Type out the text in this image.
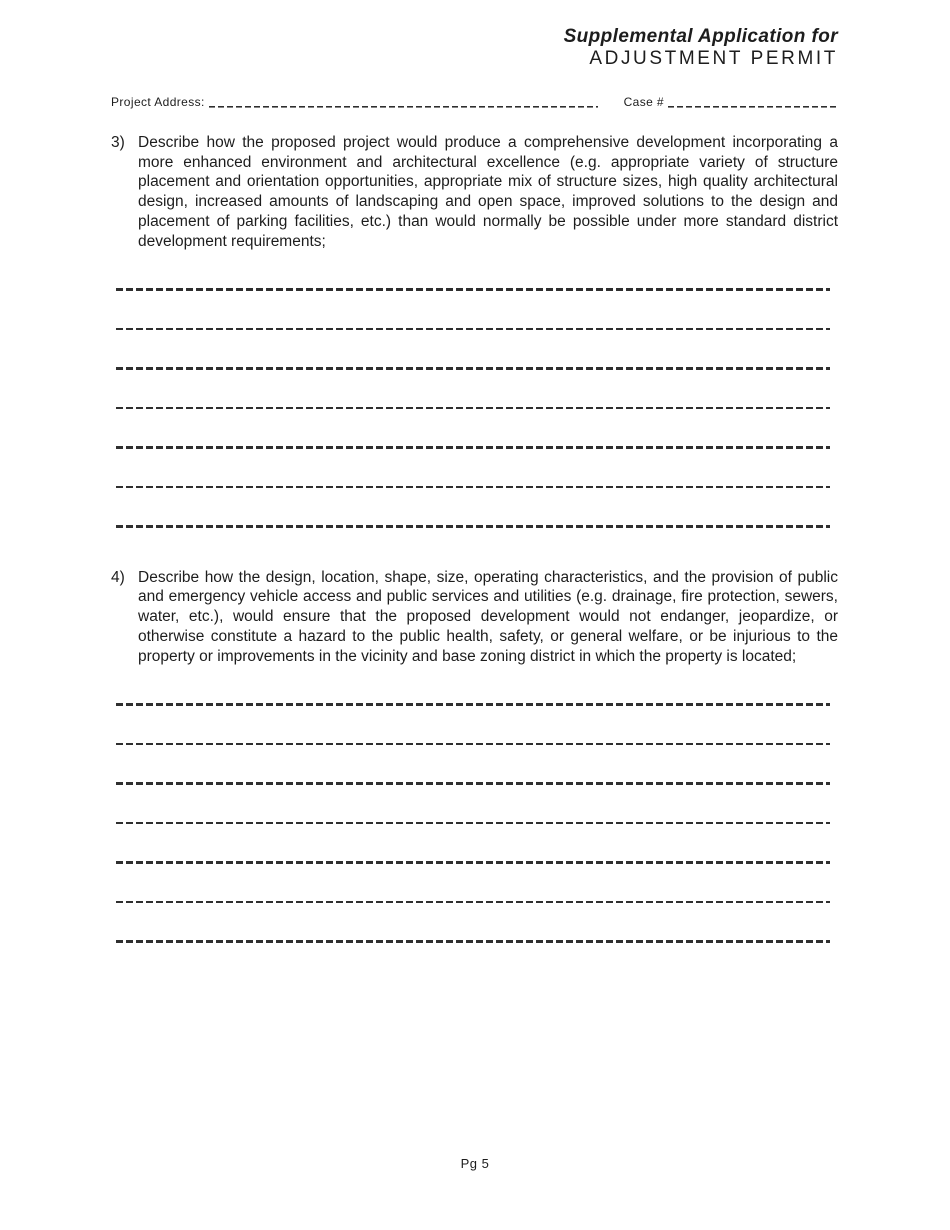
Supplemental Application for
ADJUSTMENT PERMIT
Project Address:	Case #
3) Describe how the proposed project would produce a comprehensive development incorporating a more enhanced environment and architectural excellence (e.g. appropriate variety of structure placement and orientation opportunities, appropriate mix of structure sizes, high quality architectural design, increased amounts of landscaping and open space, improved solutions to the design and placement of parking facilities, etc.) than would normally be possible under more standard district development requirements;
4) Describe how the design, location, shape, size, operating characteristics, and the provision of public and emergency vehicle access and public services and utilities (e.g. drainage, fire protection, sewers, water, etc.), would ensure that the proposed development would not endanger, jeopardize, or otherwise constitute a hazard to the public health, safety, or general welfare, or be injurious to the property or improvements in the vicinity and base zoning district in which the property is located;
Pg 5
